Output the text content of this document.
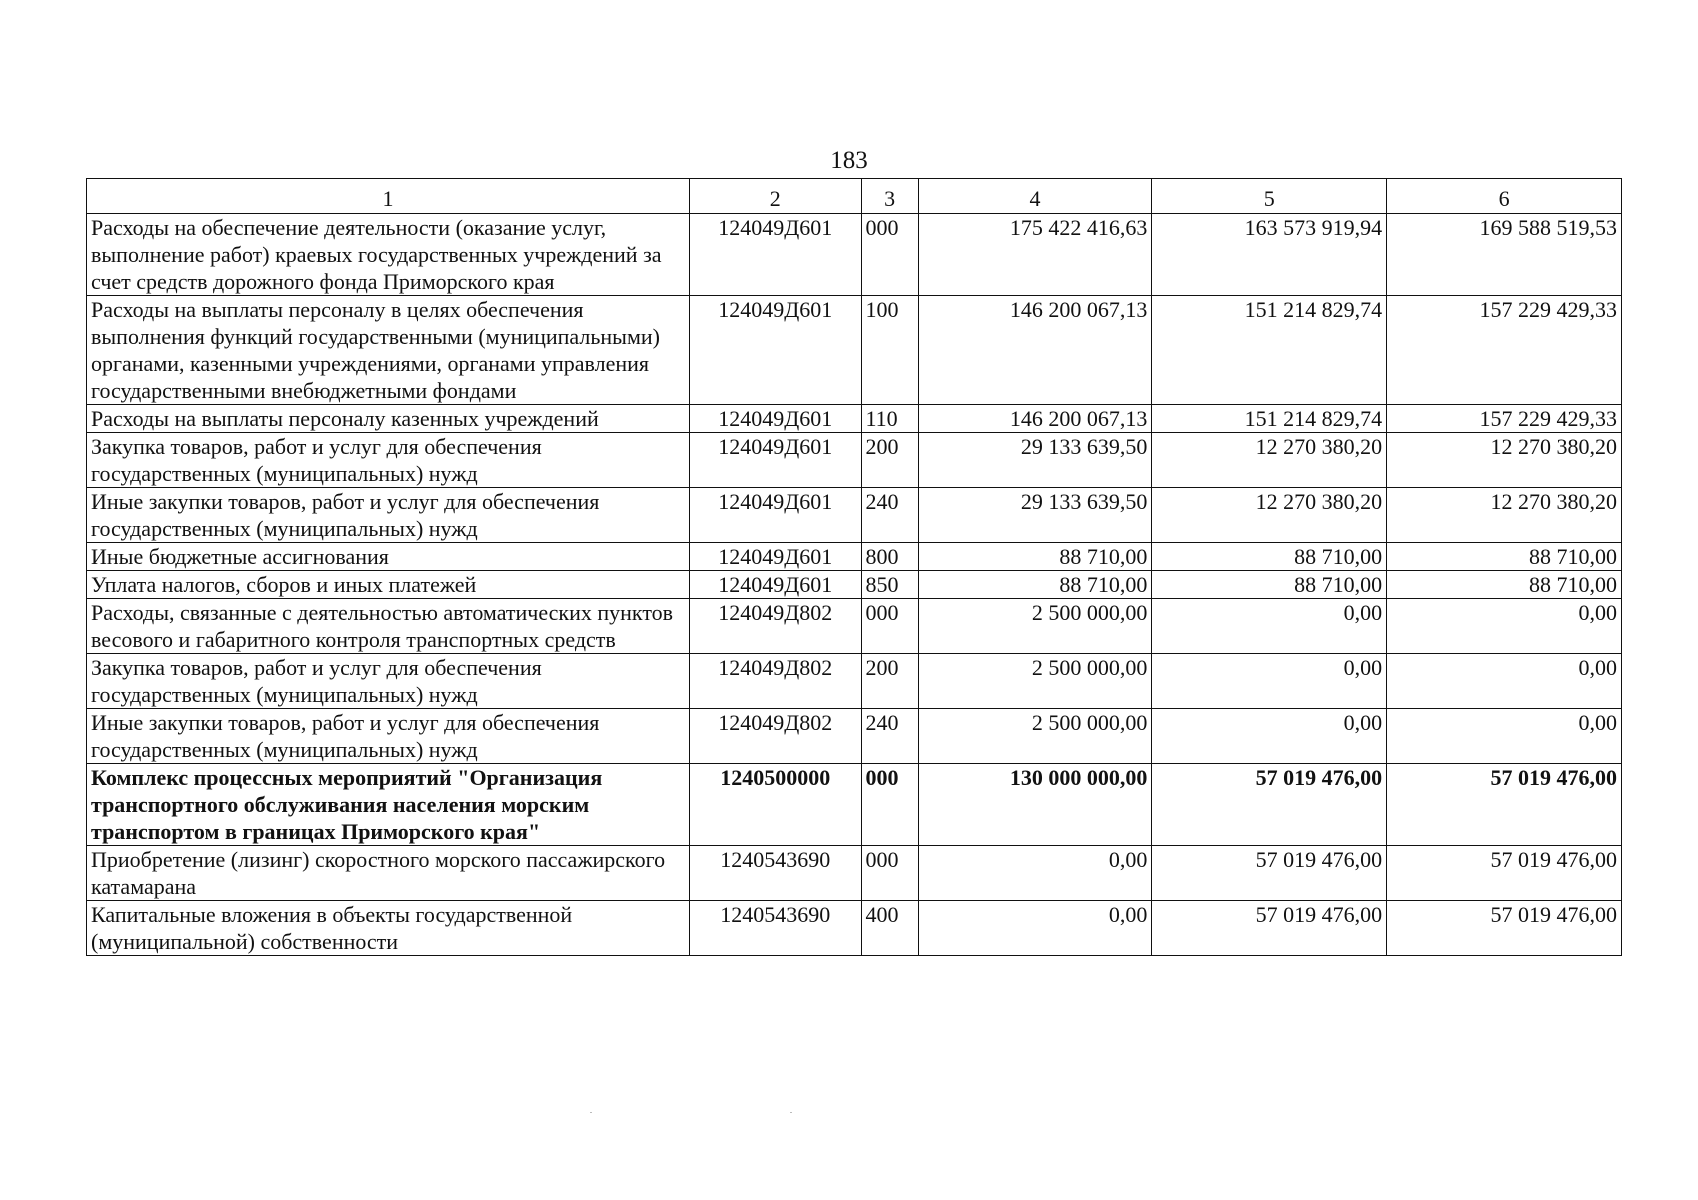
183
1	2	3	4	5	6
Расходы на обеспечение деятельности (оказание услуг, выполнение работ) краевых государственных учреждений за счет средств дорожного фонда Приморского края	124049Д601	000	175 422 416,63	163 573 919,94	169 588 519,53
Расходы на выплаты персоналу в целях обеспечения выполнения функций государственными (муниципальными) органами, казенными учреждениями, органами управления государственными внебюджетными фондами	124049Д601	100	146 200 067,13	151 214 829,74	157 229 429,33
Расходы на выплаты персоналу казенных учреждений	124049Д601	110	146 200 067,13	151 214 829,74	157 229 429,33
Закупка товаров, работ и услуг для обеспечения государственных (муниципальных) нужд	124049Д601	200	29 133 639,50	12 270 380,20	12 270 380,20
Иные закупки товаров, работ и услуг для обеспечения государственных (муниципальных) нужд	124049Д601	240	29 133 639,50	12 270 380,20	12 270 380,20
Иные бюджетные ассигнования	124049Д601	800	88 710,00	88 710,00	88 710,00
Уплата налогов, сборов и иных платежей	124049Д601	850	88 710,00	88 710,00	88 710,00
Расходы, связанные с деятельностью автоматических пунктов весового и габаритного контроля транспортных средств	124049Д802	000	2 500 000,00	0,00	0,00
Закупка товаров, работ и услуг для обеспечения государственных (муниципальных) нужд	124049Д802	200	2 500 000,00	0,00	0,00
Иные закупки товаров, работ и услуг для обеспечения государственных (муниципальных) нужд	124049Д802	240	2 500 000,00	0,00	0,00
Комплекс процессных мероприятий "Организация транспортного обслуживания населения морским транспортом в границах Приморского края"	1240500000	000	130 000 000,00	57 019 476,00	57 019 476,00
Приобретение (лизинг) скоростного морского пассажирского катамарана	1240543690	000	0,00	57 019 476,00	57 019 476,00
Капитальные вложения в объекты государственной (муниципальной) собственности	1240543690	400	0,00	57 019 476,00	57 019 476,00
